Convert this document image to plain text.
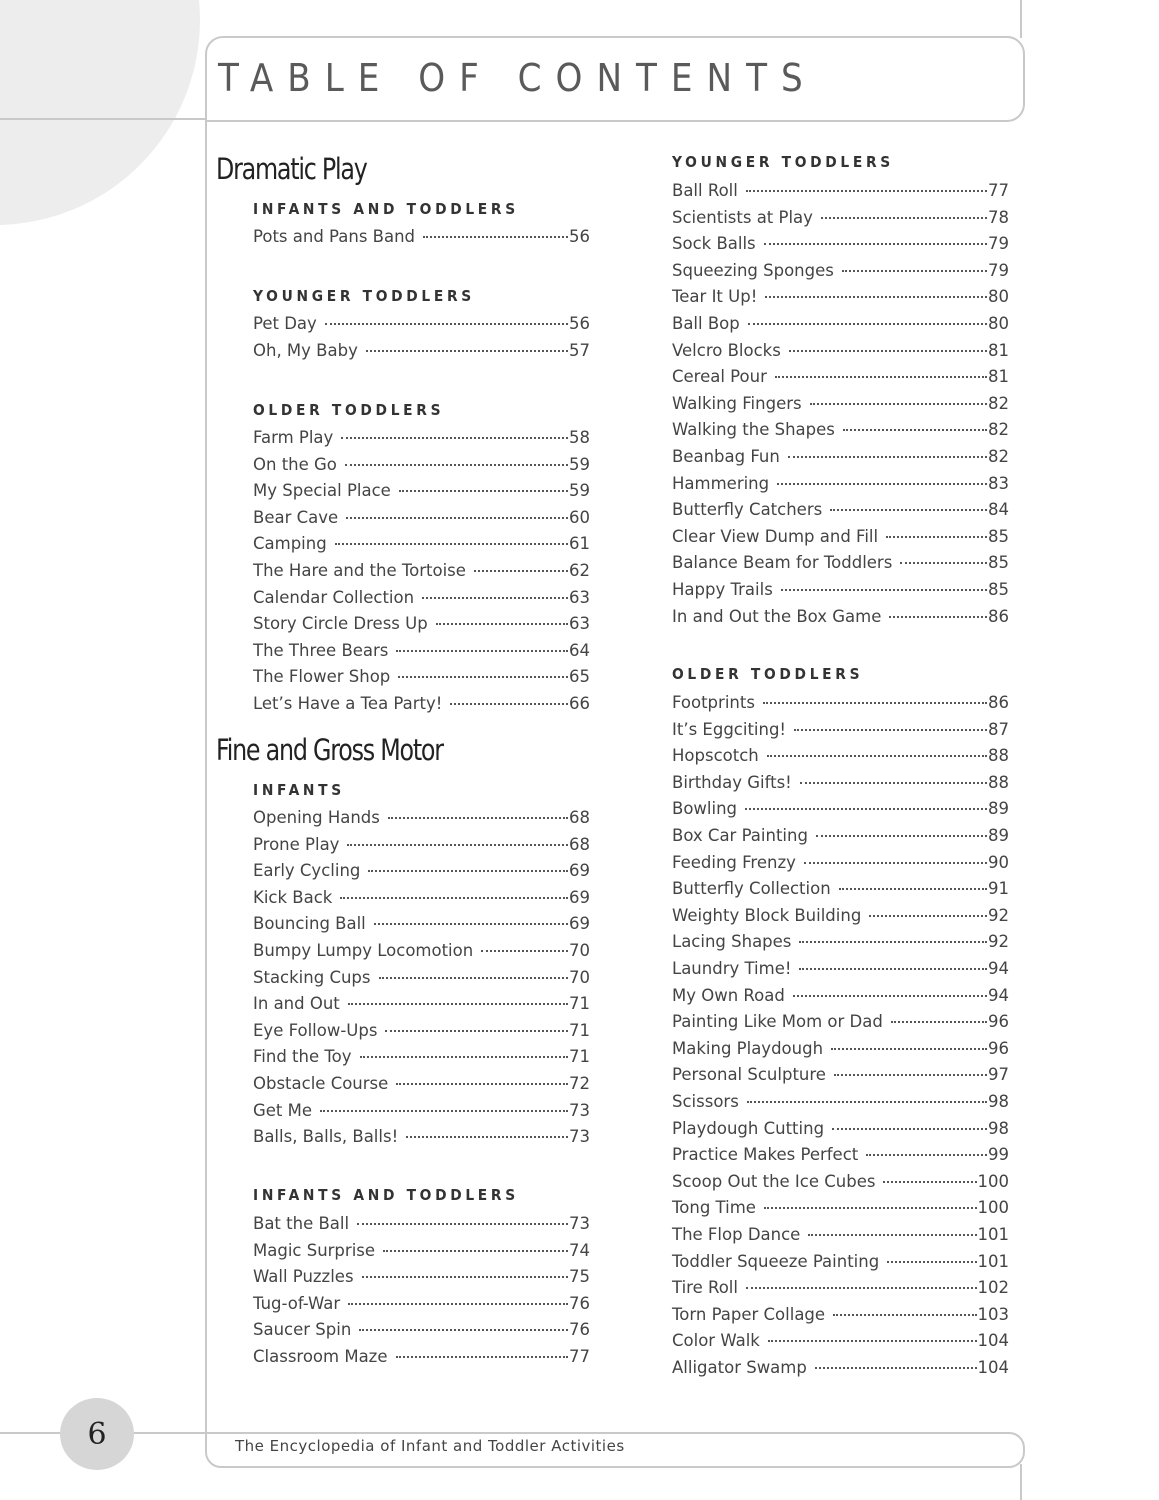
TABLE OF CONTENTS
Dramatic Play
INFANTS AND TODDLERS
Pots and Pans Band	56
YOUNGER TODDLERS
Pet Day	56
Oh, My Baby	57
OLDER TODDLERS
Farm Play	58
On the Go	59
My Special Place	59
Bear Cave	60
Camping	61
The Hare and the Tortoise	62
Calendar Collection	63
Story Circle Dress Up	63
The Three Bears	64
The Flower Shop	65
Let’s Have a Tea Party!	66
Fine and Gross Motor
INFANTS
Opening Hands	68
Prone Play	68
Early Cycling	69
Kick Back	69
Bouncing Ball	69
Bumpy Lumpy Locomotion	70
Stacking Cups	70
In and Out	71
Eye Follow-Ups	71
Find the Toy	71
Obstacle Course	72
Get Me	73
Balls, Balls, Balls!	73
INFANTS AND TODDLERS
Bat the Ball	73
Magic Surprise	74
Wall Puzzles	75
Tug-of-War	76
Saucer Spin	76
Classroom Maze	77
YOUNGER TODDLERS
Ball Roll	77
Scientists at Play	78
Sock Balls	79
Squeezing Sponges	79
Tear It Up!	80
Ball Bop	80
Velcro Blocks	81
Cereal Pour	81
Walking Fingers	82
Walking the Shapes	82
Beanbag Fun	82
Hammering	83
Butterfly Catchers	84
Clear View Dump and Fill	85
Balance Beam for Toddlers	85
Happy Trails	85
In and Out the Box Game	86
OLDER TODDLERS
Footprints	86
It’s Eggciting!	87
Hopscotch	88
Birthday Gifts!	88
Bowling	89
Box Car Painting	89
Feeding Frenzy	90
Butterfly Collection	91
Weighty Block Building	92
Lacing Shapes	92
Laundry Time!	94
My Own Road	94
Painting Like Mom or Dad	96
Making Playdough	96
Personal Sculpture	97
Scissors	98
Playdough Cutting	98
Practice Makes Perfect	99
Scoop Out the Ice Cubes	100
Tong Time	100
The Flop Dance	101
Toddler Squeeze Painting	101
Tire Roll	102
Torn Paper Collage	103
Color Walk	104
Alligator Swamp	104
6	The Encyclopedia of Infant and Toddler Activities
